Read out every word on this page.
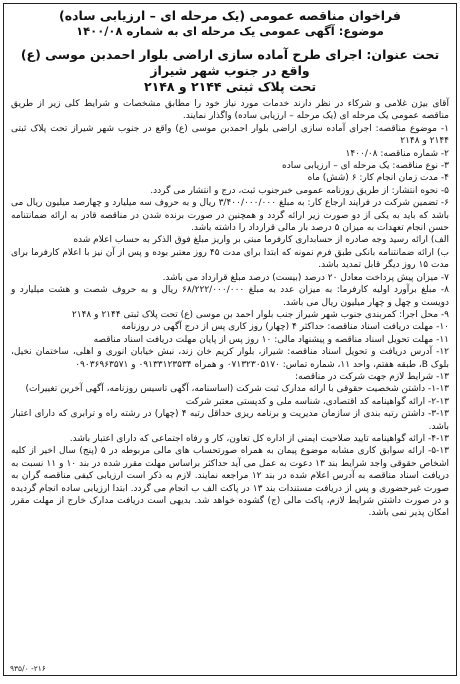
فراخوان مناقصه عمومی (یک مرحله ای – ارزیابی ساده)
موضوع: آگهی عمومی یک مرحله ای به شماره ۱۴۰۰/۰۸
تحت عنوان: اجرای طرح آماده سازی اراضی بلوار احمدبن موسی (ع) واقع در جنوب شهر شیراز
تحت پلاک ثبتی ۲۱۴۴ و ۲۱۴۸

آقای بیژن غلامی و شرکاء در نظر دارند خدمات مورد نیاز خود را مطابق مشخصات و شرایط کلی زیر از طریق مناقصه عمومی یک مرحله ای (یک مرحله – ارزیابی ساده) واگذار نمایند.

۱- موضوع مناقصه: اجرای آماده سازی اراضی بلوار احمدبن موسی (ع) واقع در جنوب شهر شیراز تحت پلاک ثبتی ۲۱۴۴ و ۲۱۴۸

۲- شماره مناقصه: ۱۴۰۰/۰۸

۳- نوع مناقصه: یک مرحله ای – ارزیابی ساده

۴- مدت زمان انجام کار: ۶ (شش) ماه

۵- نحوه انتشار: از طریق روزنامه عمومی خبرجنوب ثبت، درج و انتشار می گردد.

۶- تضمین شرکت در فرایند ارجاع کار: به مبلغ ۳/۴۰۰/۰۰۰/۰۰۰ ریال و به حروف سه میلیارد و چهارصد میلیون ریال می باشد که باید به یکی از دو صورت زیر ارائه گردد و همچنین در صورت برنده شدن در مناقصه قادر به ارائه ضمانتنامه حسن انجام تعهدات به میزان ۵ درصد بار مالی قرارداد را داشته باشد.

الف) ارائه رسید وجه صادره از حسابداری کارفرما مبنی بر واریز مبلغ فوق الذکر به حساب اعلام شده

ب) ارائه ضمانتنامه بانکی طبق فرم نمونه که ابتدا برای مدت ۴۵ روز معتبر بوده و پس از آن نیز با اعلام کارفرما برای مدت ۱۵ روز دیگر قابل تمدید باشد.

۷- میزان پیش پرداخت معادل ۲۰ درصد (بیست) درصد مبلغ قرارداد می باشد.

۸- مبلغ برآورد اولیه کارفرما: به میزان عدد به مبلغ ۶۸/۲۲۲/۰۰۰/۰۰۰ ریال و به حروف شصت و هشت میلیارد و دویست و چهل و چهار میلیون ریال می باشد.

۹- محل اجرا: کمربندی جنوب شهر شیراز جنب بلوار احمد بن موسی (ع) تحت پلاک ثبتی ۲۱۴۴ و ۲۱۴۸

۱۰- مهلت دریافت اسناد مناقصه: حداکثر ۴ (چهار) روز کاری پس از درج آگهی در روزنامه

۱۱- مهلت تحویل اسناد مناقصه و پیشنهاد مالی: ۱۰ روز پس از پایان مهلت دریافت اسناد مناقصه

۱۲- آدرس دریافت و تحویل اسناد مناقصه: شیراز، بلوار کریم خان زند، نبش خیابان انوری و اهلی، ساختمان نخیل، بلوک B، طبقه هفتم، واحد ۱۱، شماره تماس: ۰۷۱۳۲۳۰۵۱۷۰ و همراه ۰۹۱۳۳۱۲۳۵۳۴ و ۰۹۰۳۶۹۶۳۵۷۱

۱۳- شرایط لازم جهت شرکت در مناقصه:

۱-۱۳- داشتن شخصیت حقوقی با ارائه مدارک ثبت شرکت (اساسنامه، آگهی تاسیس روزنامه، آگهی آخرین تغییرات)

۲-۱۳- ارائه گواهینامه کد اقتصادی، شناسه ملی و کدپستی معتبر شرکت

۳-۱۳- داشتن رتبه بندی از سازمان مدیریت و برنامه ریزی حداقل رتبه ۴ (چهار) در رشته راه و ترابری که دارای اعتبار باشد.

۴-۱۳- ارائه گواهینامه تایید صلاحیت ایمنی از اداره کل تعاون، کار و رفاه اجتماعی که دارای اعتبار باشد.

۵-۱۳- ارائه سوابق کاری مشابه موضوع پیمان به همراه صورتحساب های مالی مربوطه در ۵ (پنج) سال اخیر از کلیه اشخاص حقوقی واجد شرایط بند ۱۳ دعوت به عمل می آید حداکثر براساس مهلت مقرر شده در بند ۱۰ و ۱۱ نسبت به دریافت اسناد مناقصه به آدرس اعلام شده در بند ۱۲ مراجعه نمایند. لازم به ذکر است ارزیابی کیفی مناقصه گران به صورت غیرحضوری و پس از دریافت مستندات بند ۱۳ در پاکت الف ب انجام می گردد. ابتدا ارزیابی ساده انجام گردیده و در صورت داشتن شرایط لازم، پاکت مالی (ج) گشوده خواهد شد. بدیهی است دریافت مدارک خارج از مهلت مقرر امکان پذیر نمی باشد.

۹۳۵/۰ -۲۱۶
